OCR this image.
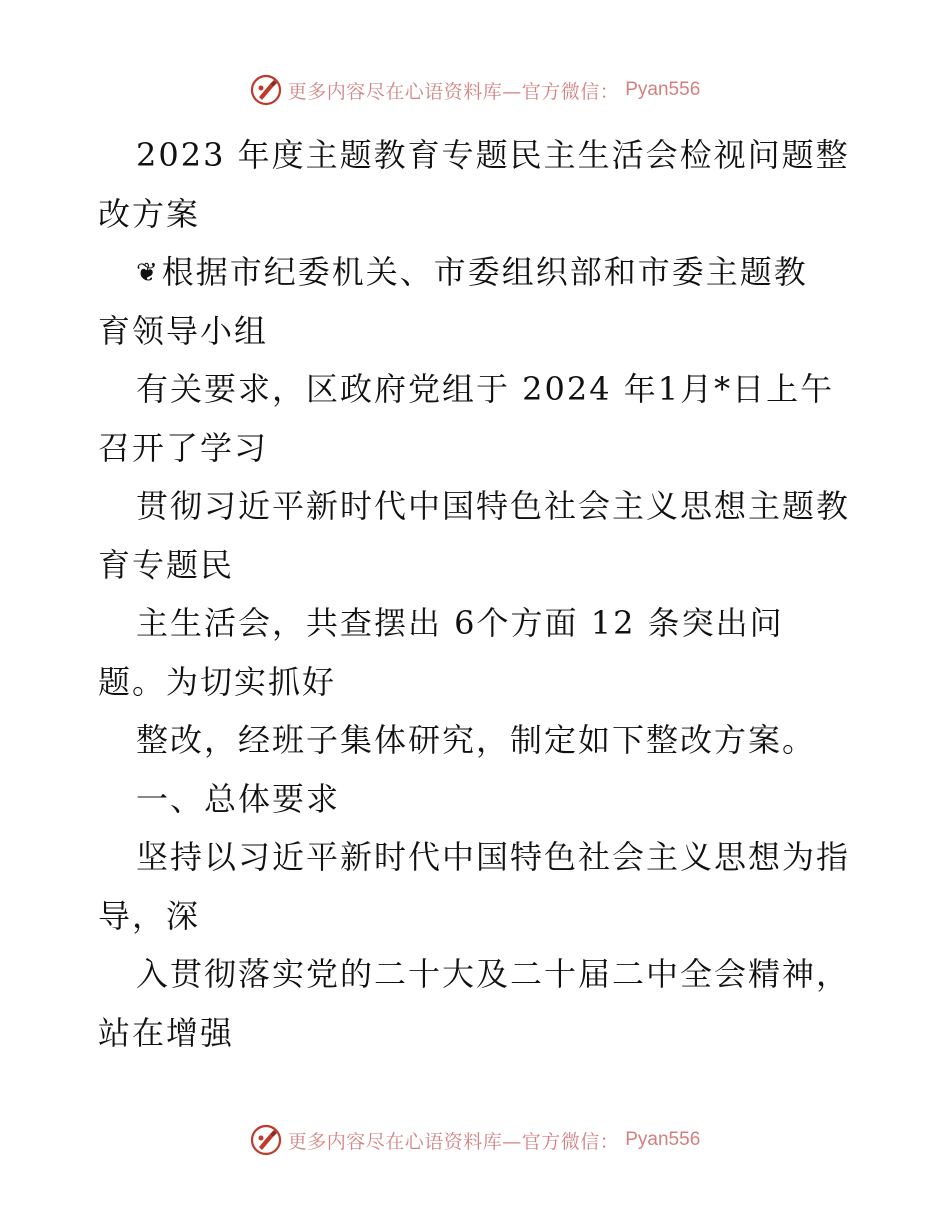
更多内容尽在心语资料库—官方微信： Pyan556
2023 年度主题教育专题民主生活会检视问题整
改方案
❦根据市纪委机关、市委组织部和市委主题教
育领导小组
有关要求，区政府党组于 2024 年1月*日上午
召开了学习
贯彻习近平新时代中国特色社会主义思想主题教
育专题民
主生活会，共查摆出 6个方面 12 条突出问
题。为切实抓好
整改，经班子集体研究，制定如下整改方案。
一、总体要求
坚持以习近平新时代中国特色社会主义思想为指
导，深
入贯彻落实党的二十大及二十届二中全会精神，
站在增强
更多内容尽在心语资料库—官方微信： Pyan556
